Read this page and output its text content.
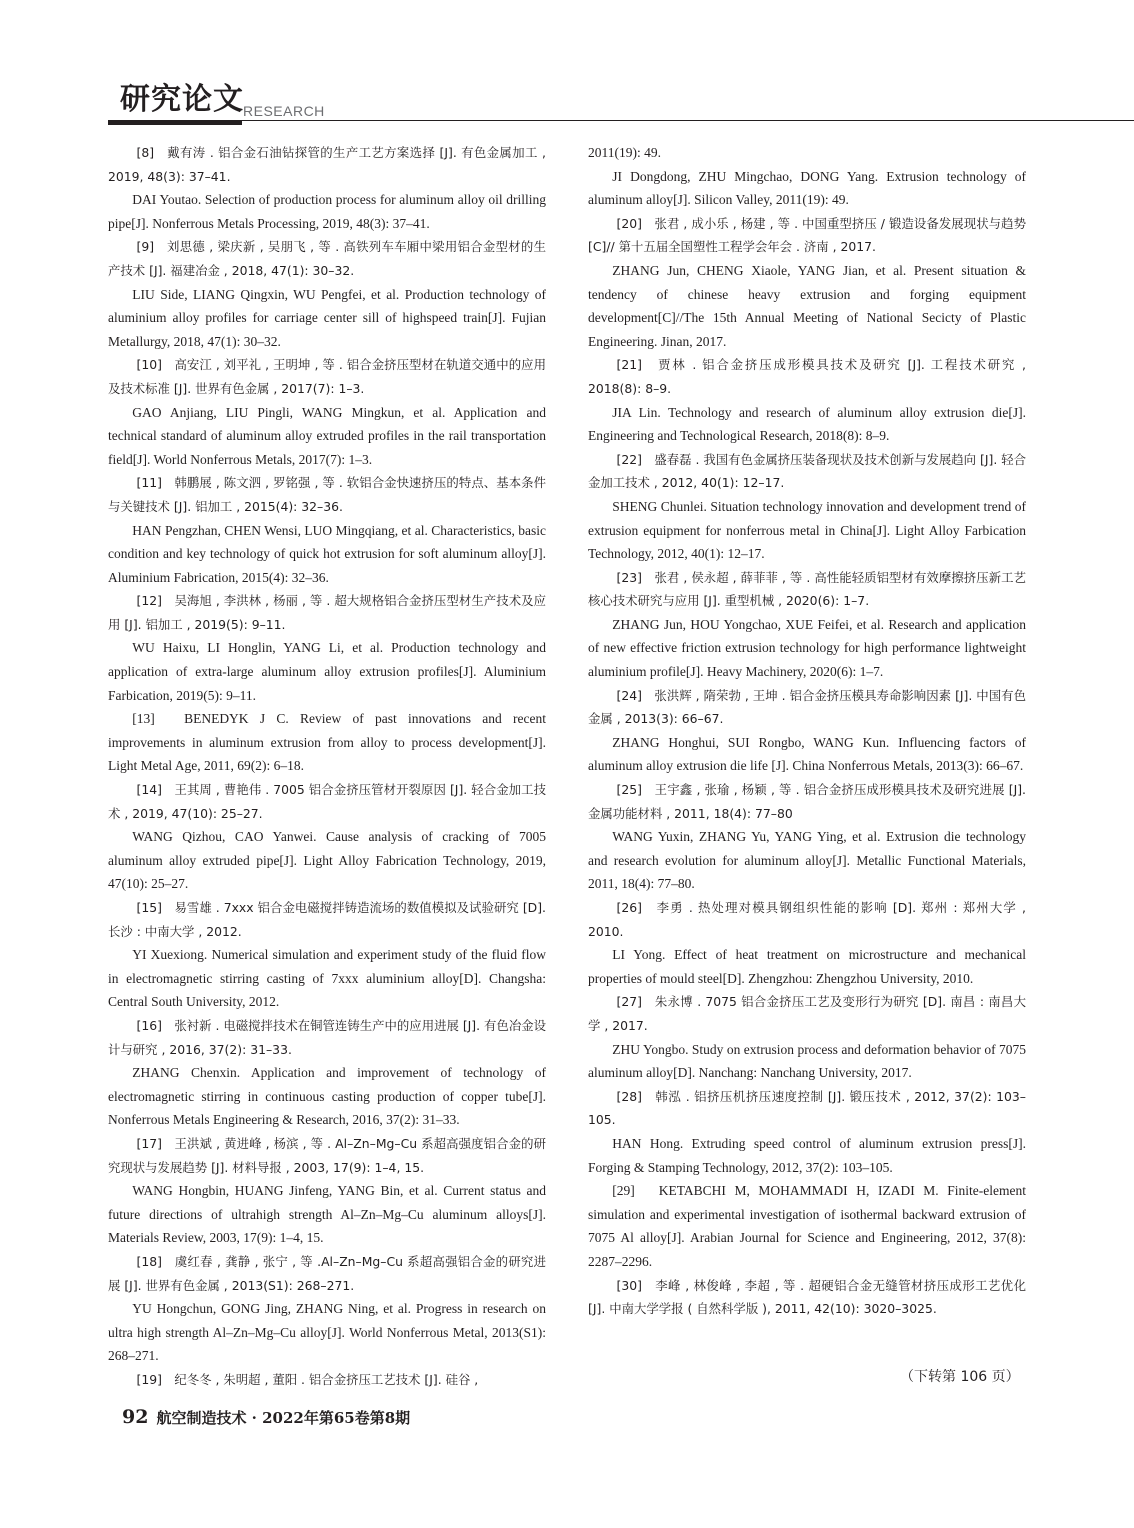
研究论文 RESEARCH

[8]　戴有涛 . 铝合金石油钻探管的生产工艺方案选择 [J]. 有色金属加工 , 2019, 48(3): 37–41.

DAI Youtao. Selection of production process for aluminum alloy oil drilling pipe[J]. Nonferrous Metals Processing, 2019, 48(3): 37–41.

[9]　刘思德 , 梁庆新 , 吴朋飞 , 等 . 高铁列车车厢中梁用铝合金型材的生产技术 [J]. 福建冶金 , 2018, 47(1): 30–32.

LIU Side, LIANG Qingxin, WU Pengfei, et al. Production technology of aluminium alloy profiles for carriage center sill of highspeed train[J]. Fujian Metallurgy, 2018, 47(1): 30–32.

[10]　高安江 , 刘平礼 , 王明坤 , 等 . 铝合金挤压型材在轨道交通中的应用及技术标准 [J]. 世界有色金属 , 2017(7): 1–3.

GAO Anjiang, LIU Pingli, WANG Mingkun, et al. Application and technical standard of aluminum alloy extruded profiles in the rail transportation field[J]. World Nonferrous Metals, 2017(7): 1–3.

[11]　韩鹏展 , 陈文泗 , 罗铭强 , 等 . 软铝合金快速挤压的特点、基本条件与关键技术 [J]. 铝加工 , 2015(4): 32–36.

HAN Pengzhan, CHEN Wensi, LUO Mingqiang, et al. Characteristics, basic condition and key technology of quick hot extrusion for soft aluminum alloy[J]. Aluminium Fabrication, 2015(4): 32–36.

[12]　吴海旭 , 李洪林 , 杨丽 , 等 . 超大规格铝合金挤压型材生产技术及应用 [J]. 铝加工 , 2019(5): 9–11.

WU Haixu, LI Honglin, YANG Li, et al. Production technology and application of extra-large aluminum alloy extrusion profiles[J]. Aluminium Farbication, 2019(5): 9–11.

[13]　BENEDYK J C. Review of past innovations and recent improvements in aluminum extrusion from alloy to process development[J]. Light Metal Age, 2011, 69(2): 6–18.

[14]　王其周 , 曹艳伟 . 7005 铝合金挤压管材开裂原因 [J]. 轻合金加工技术 , 2019, 47(10): 25–27.

WANG Qizhou, CAO Yanwei. Cause analysis of cracking of 7005 aluminum alloy extruded pipe[J]. Light Alloy Fabrication Technology, 2019, 47(10): 25–27.

[15]　易雪雄 . 7xxx 铝合金电磁搅拌铸造流场的数值模拟及试验研究 [D]. 长沙 : 中南大学 , 2012.

YI Xuexiong. Numerical simulation and experiment study of the fluid flow in electromagnetic stirring casting of 7xxx aluminium alloy[D]. Changsha: Central South University, 2012.

[16]　张衬新 . 电磁搅拌技术在铜管连铸生产中的应用进展 [J]. 有色冶金设计与研究 , 2016, 37(2): 31–33.

ZHANG Chenxin. Application and improvement of technology of electromagnetic stirring in continuous casting production of copper tube[J]. Nonferrous Metals Engineering & Research, 2016, 37(2): 31–33.

[17]　王洪斌 , 黄进峰 , 杨滨 , 等 . Al–Zn–Mg–Cu 系超高强度铝合金的研究现状与发展趋势 [J]. 材料导报 , 2003, 17(9): 1–4, 15.

WANG Hongbin, HUANG Jinfeng, YANG Bin, et al. Current status and future directions of ultrahigh strength Al–Zn–Mg–Cu aluminum alloys[J]. Materials Review, 2003, 17(9): 1–4, 15.

[18]　虞红春 , 龚静 , 张宁 , 等 .Al–Zn–Mg–Cu 系超高强铝合金的研究进展 [J]. 世界有色金属 , 2013(S1): 268–271.

YU Hongchun, GONG Jing, ZHANG Ning, et al. Progress in research on ultra high strength Al–Zn–Mg–Cu alloy[J]. World Nonferrous Metal, 2013(S1): 268–271.

[19]　纪冬冬 , 朱明超 , 董阳 . 铝合金挤压工艺技术 [J]. 硅谷 ,

2011(19): 49.

JI Dongdong, ZHU Mingchao, DONG Yang. Extrusion technology of aluminum alloy[J]. Silicon Valley, 2011(19): 49.

[20]　张君 , 成小乐 , 杨建 , 等 . 中国重型挤压 / 锻造设备发展现状与趋势 [C]// 第十五届全国塑性工程学会年会 . 济南 , 2017.

ZHANG Jun, CHENG Xiaole, YANG Jian, et al. Present situation & tendency of chinese heavy extrusion and forging equipment development[C]//The 15th Annual Meeting of National Secicty of Plastic Engineering. Jinan, 2017.

[21]　贾林 . 铝合金挤压成形模具技术及研究 [J]. 工程技术研究 , 2018(8): 8–9.

JIA Lin. Technology and research of aluminum alloy extrusion die[J]. Engineering and Technological Research, 2018(8): 8–9.

[22]　盛春磊 . 我国有色金属挤压装备现状及技术创新与发展趋向 [J]. 轻合金加工技术 , 2012, 40(1): 12–17.

SHENG Chunlei. Situation technology innovation and development trend of extrusion equipment for nonferrous metal in China[J]. Light Alloy Farbication Technology, 2012, 40(1): 12–17.

[23]　张君 , 侯永超 , 薛菲菲 , 等 . 高性能轻质铝型材有效摩擦挤压新工艺核心技术研究与应用 [J]. 重型机械 , 2020(6): 1–7.

ZHANG Jun, HOU Yongchao, XUE Feifei, et al. Research and application of new effective friction extrusion technology for high performance lightweight aluminium profile[J]. Heavy Machinery, 2020(6): 1–7.

[24]　张洪辉 , 隋荣勃 , 王坤 . 铝合金挤压模具寿命影响因素 [J]. 中国有色金属 , 2013(3): 66–67.

ZHANG Honghui, SUI Rongbo, WANG Kun. Influencing factors of aluminum alloy extrusion die life [J]. China Nonferrous Metals, 2013(3): 66–67.

[25]　王宇鑫 , 张瑜 , 杨颖 , 等 . 铝合金挤压成形模具技术及研究进展 [J]. 金属功能材料 , 2011, 18(4): 77–80

WANG Yuxin, ZHANG Yu, YANG Ying, et al. Extrusion die technology and research evolution for aluminum alloy[J]. Metallic Functional Materials, 2011, 18(4): 77–80.

[26]　李勇 . 热处理对模具钢组织性能的影响 [D]. 郑州 : 郑州大学 , 2010.

LI Yong. Effect of heat treatment on microstructure and mechanical properties of mould steel[D]. Zhengzhou: Zhengzhou University, 2010.

[27]　朱永博 . 7075 铝合金挤压工艺及变形行为研究 [D]. 南昌 : 南昌大学 , 2017.

ZHU Yongbo. Study on extrusion process and deformation behavior of 7075 aluminum alloy[D]. Nanchang: Nanchang University, 2017.

[28]　韩泓 . 铝挤压机挤压速度控制 [J]. 锻压技术 , 2012, 37(2): 103–105.

HAN Hong. Extruding speed control of aluminum extrusion press[J]. Forging & Stamping Technology, 2012, 37(2): 103–105.

[29]　KETABCHI M, MOHAMMADI H, IZADI M. Finite-element simulation and experimental investigation of isothermal backward extrusion of 7075 Al alloy[J]. Arabian Journal for Science and Engineering, 2012, 37(8): 2287–2296.

[30]　李峰 , 林俊峰 , 李超 , 等 . 超硬铝合金无缝管材挤压成形工艺优化 [J]. 中南大学学报 ( 自然科学版 ), 2011, 42(10): 3020–3025.

（下转第 106 页）
92 航空制造技术 · 2022年第65卷第8期
